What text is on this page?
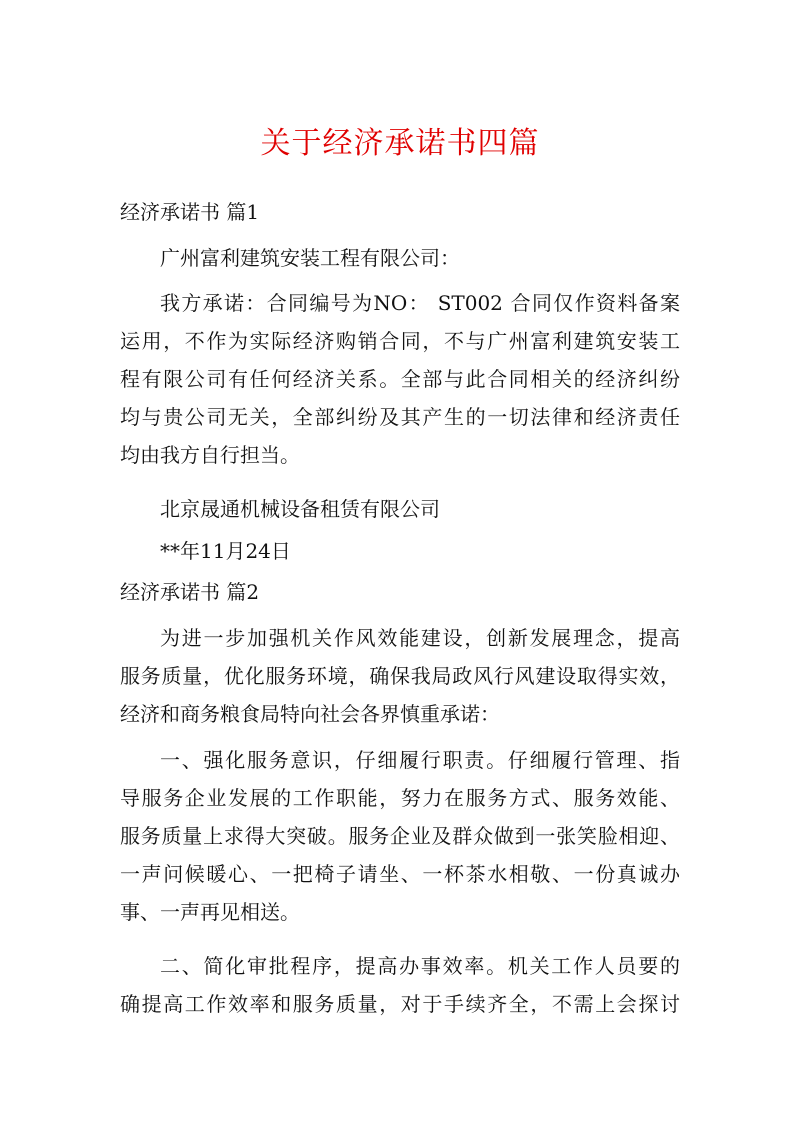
关于经济承诺书四篇
经济承诺书 篇1
广州富利建筑安装工程有限公司：
我方承诺：合同编号为NO： ST002 合同仅作资料备案
运用，不作为实际经济购销合同，不与广州富利建筑安装工
程有限公司有任何经济关系。全部与此合同相关的经济纠纷
均与贵公司无关，全部纠纷及其产生的一切法律和经济责任
均由我方自行担当。
北京晟通机械设备租赁有限公司
**年11月24日
经济承诺书 篇2
为进一步加强机关作风效能建设，创新发展理念，提高
服务质量，优化服务环境，确保我局政风行风建设取得实效，
经济和商务粮食局特向社会各界慎重承诺：
一、强化服务意识，仔细履行职责。仔细履行管理、指
导服务企业发展的工作职能，努力在服务方式、服务效能、
服务质量上求得大突破。服务企业及群众做到一张笑脸相迎、
一声问候暖心、一把椅子请坐、一杯茶水相敬、一份真诚办
事、一声再见相送。
二、简化审批程序，提高办事效率。机关工作人员要的
确提高工作效率和服务质量，对于手续齐全，不需上会探讨
